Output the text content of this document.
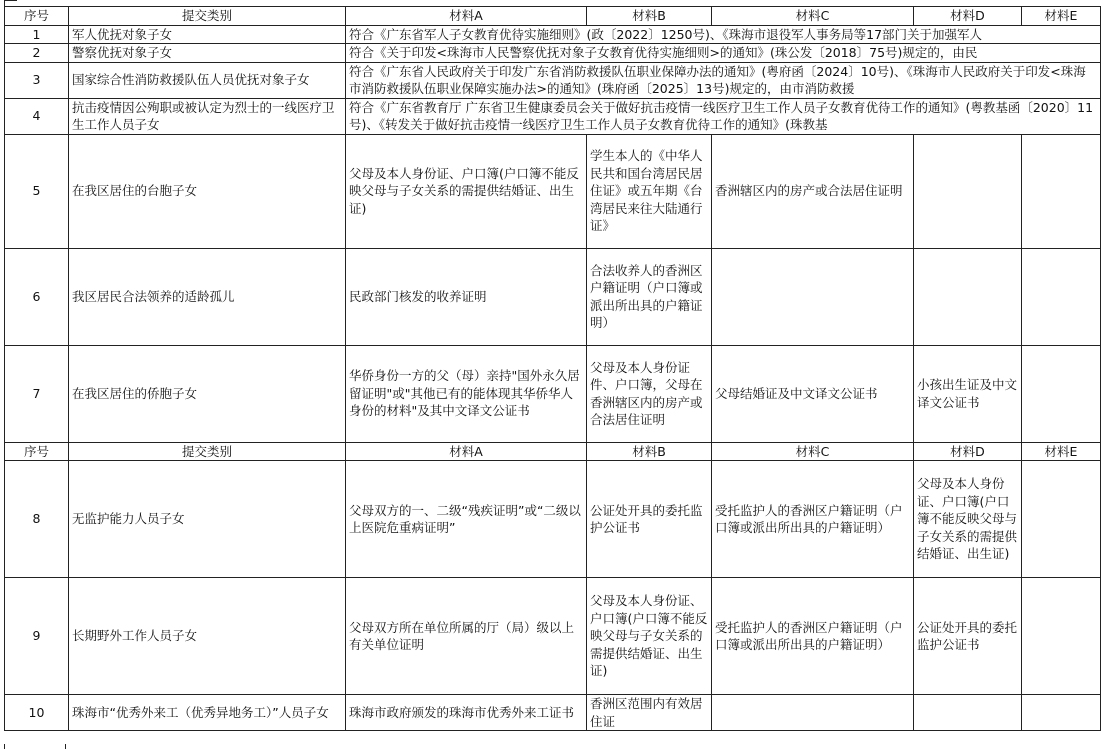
序号	提交类别	材料A	材料B	材料C	材料D	材料E
1	军人优抚对象子女	符合《广东省军人子女教育优待实施细则》(政〔2022〕1250号)、《珠海市退役军人事务局等17部门关于加强军人				
2	警察优抚对象子女	符合《关于印发<珠海市人民警察优抚对象子女教育优待实施细则>的通知》(珠公发〔2018〕75号)规定的，由民				
3	国家综合性消防救援队伍人员优抚对象子女	符合《广东省人民政府关于印发广东省消防救援队伍职业保障办法的通知》(粤府函〔2024〕10号)、《珠海市人民政府关于印发<珠海市消防救援队伍职业保障实施办法>的通知》(珠府函〔2025〕13号)规定的，由市消防救援				
4	抗击疫情因公殉职或被认定为烈士的一线医疗卫生工作人员子女	符合《广东省教育厅 广东省卫生健康委员会关于做好抗击疫情一线医疗卫生工作人员子女教育优待工作的通知》(粤教基函〔2020〕11号)、《转发关于做好抗击疫情一线医疗卫生工作人员子女教育优待工作的通知》(珠教基				
5	在我区居住的台胞子女	父母及本人身份证、户口簿(户口簿不能反映父母与子女关系的需提供结婚证、出生证)	学生本人的《中华人民共和国台湾居民居住证》或五年期《台湾居民来往大陆通行证》	香洲辖区内的房产或合法居住证明		
6	我区居民合法领养的适龄孤儿	民政部门核发的收养证明	合法收养人的香洲区户籍证明（户口簿或派出所出具的户籍证明）			
7	在我区居住的侨胞子女	华侨身份一方的父（母）亲持"国外永久居留证明"或"其他已有的能体现其华侨华人身份的材料"及其中文译文公证书	父母及本人身份证件、户口簿，父母在香洲辖区内的房产或合法居住证明	父母结婚证及中文译文公证书	小孩出生证及中文译文公证书	
序号	提交类别	材料A	材料B	材料C	材料D	材料E
8	无监护能力人员子女	父母双方的一、二级“残疾证明”或“二级以上医院危重病证明”	公证处开具的委托监护公证书	受托监护人的香洲区户籍证明（户口簿或派出所出具的户籍证明）	父母及本人身份证、户口簿(户口簿不能反映父母与子女关系的需提供结婚证、出生证)	
9	长期野外工作人员子女	父母双方所在单位所属的厅（局）级以上有关单位证明	父母及本人身份证、户口簿(户口簿不能反映父母与子女关系的需提供结婚证、出生证)	受托监护人的香洲区户籍证明（户口簿或派出所出具的户籍证明）	公证处开具的委托监护公证书	
10	珠海市“优秀外来工（优秀异地务工）”人员子女	珠海市政府颁发的珠海市优秀外来工证书	香洲区范围内有效居住证			
